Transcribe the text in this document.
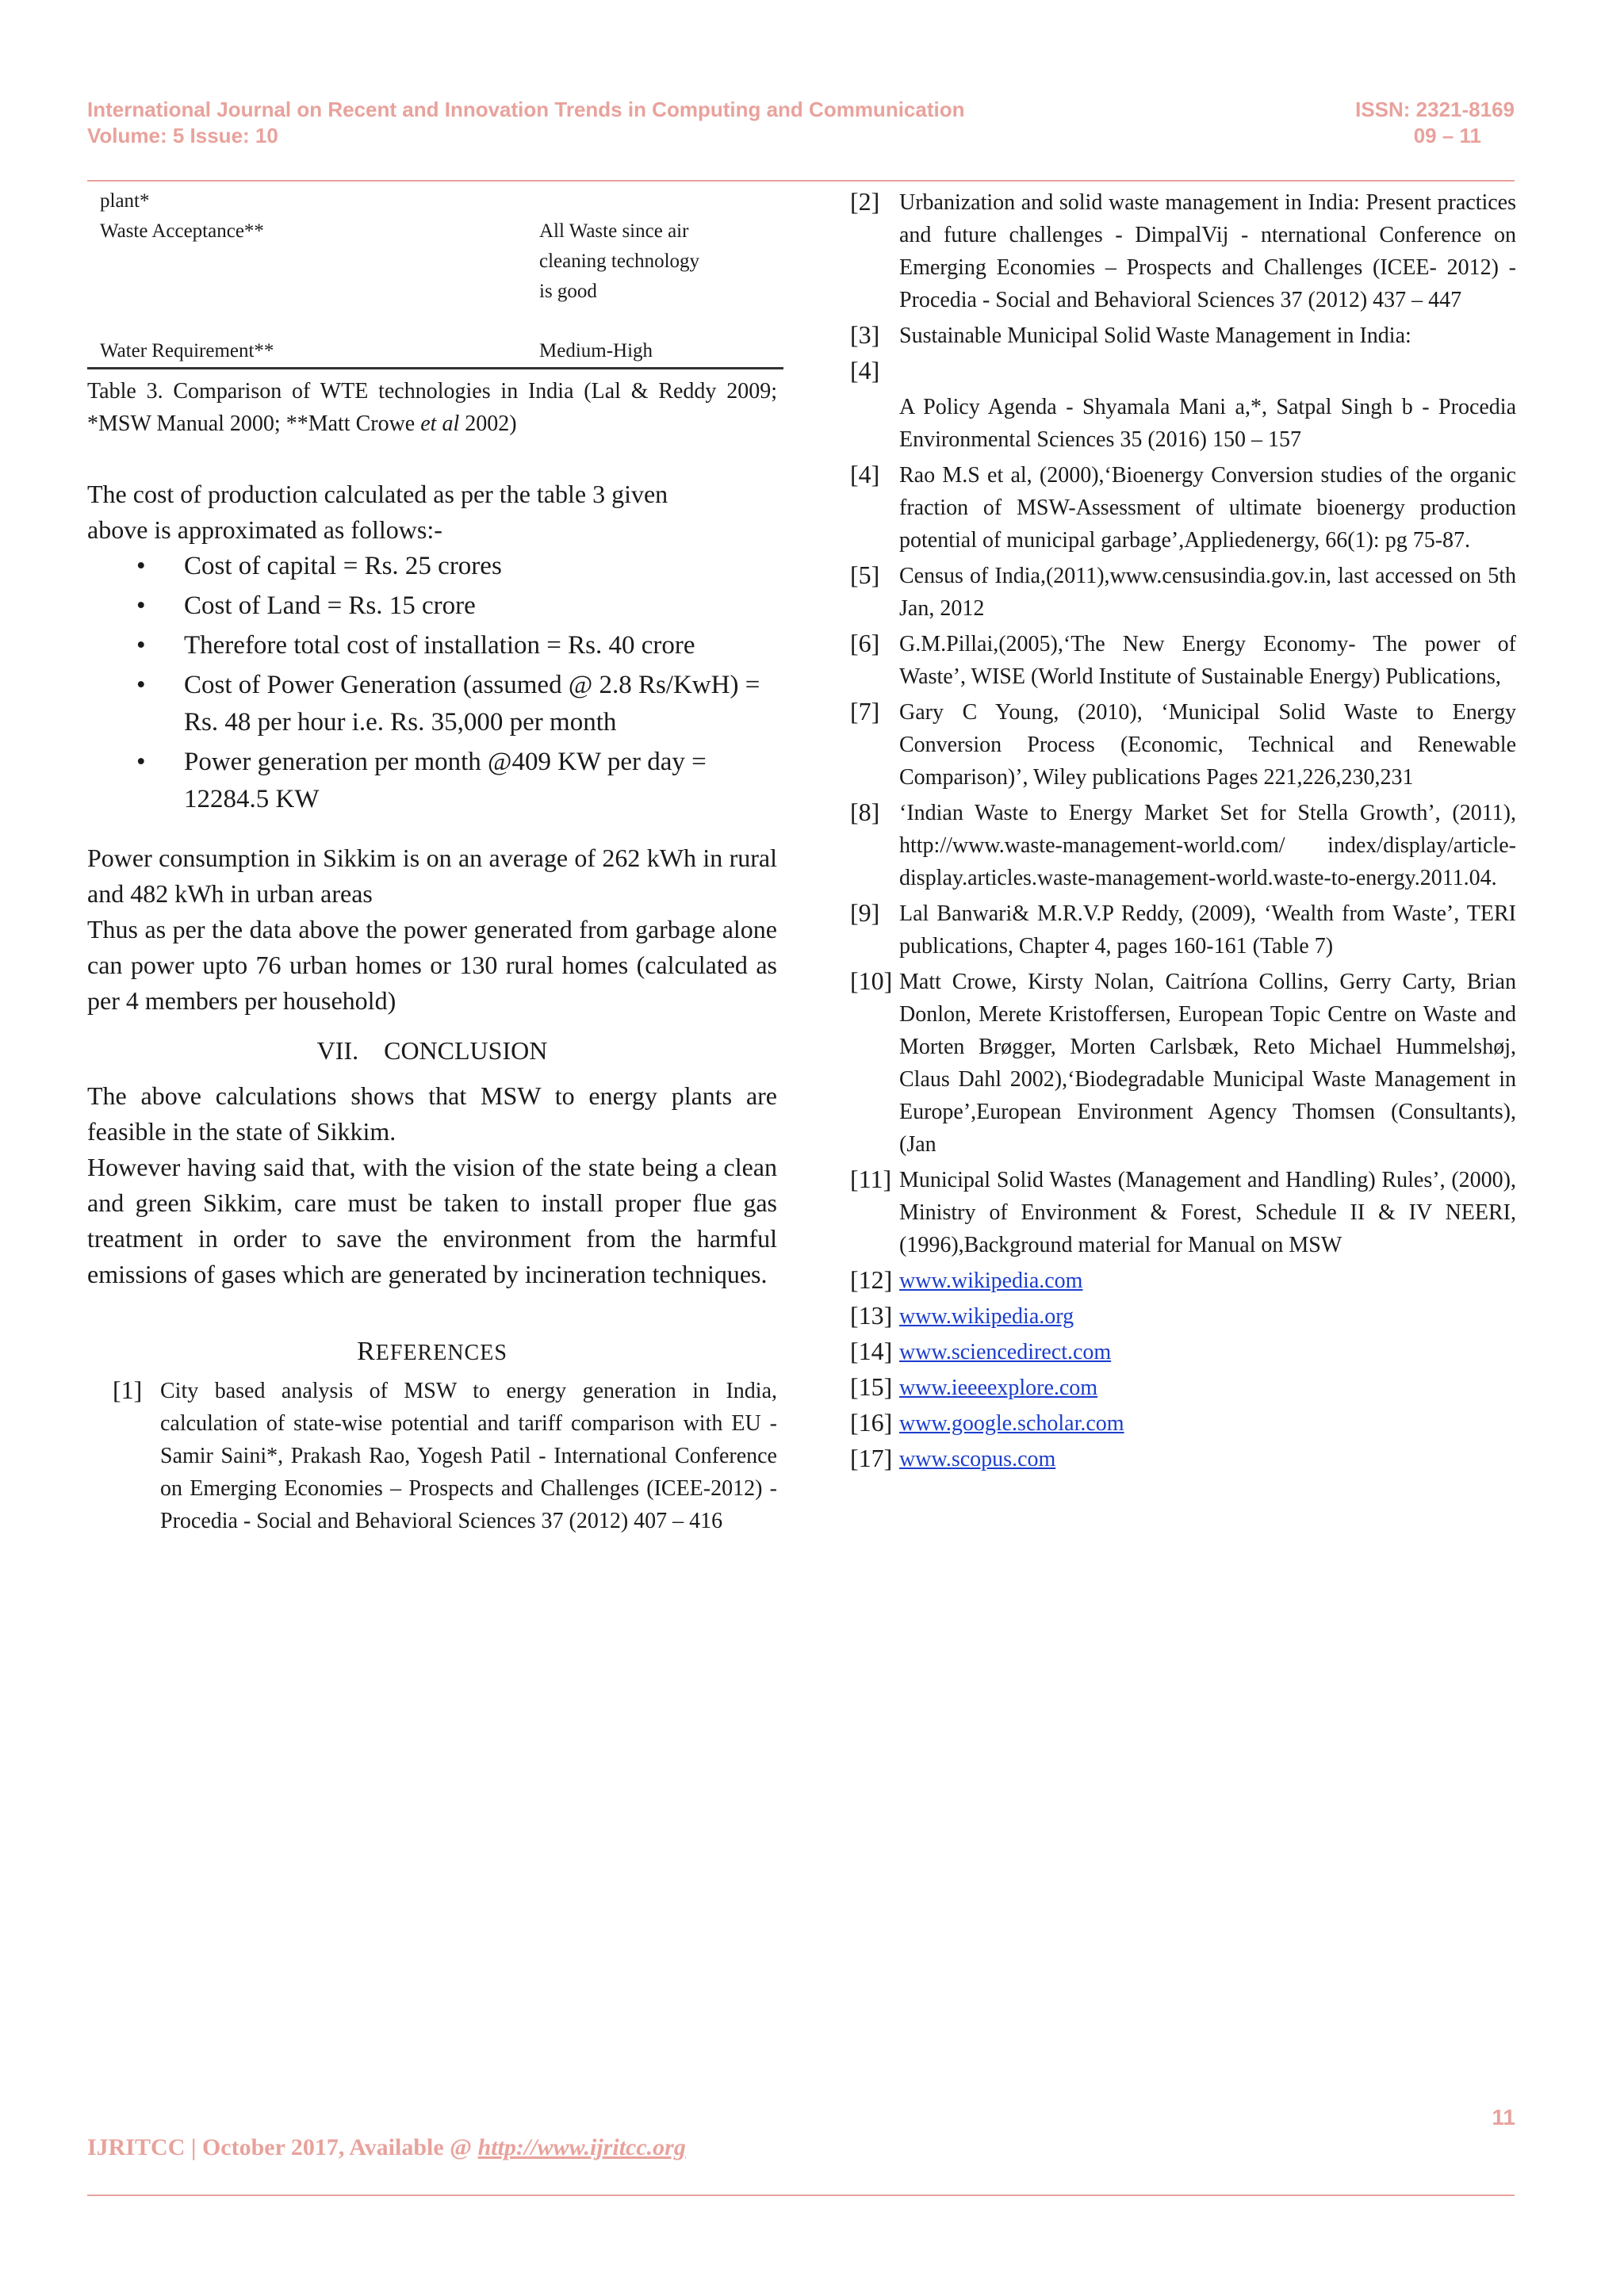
International Journal on Recent and Innovation Trends in Computing and Communication	ISSN: 2321-8169
Volume: 5 Issue: 10	09 – 11
plant*
Waste Acceptance**	All Waste since air
cleaning technology
is good
Water Requirement**	Medium-High
Table 3. Comparison of WTE technologies in India (Lal & Reddy 2009; *MSW Manual 2000; **Matt Crowe et al 2002)

The cost of production calculated as per the table 3 given above is approximated as follows:-

• Cost of capital = Rs. 25 crores
• Cost of Land = Rs. 15 crore
• Therefore total cost of installation = Rs. 40 crore
• Cost of Power Generation (assumed @ 2.8 Rs/KwH) = Rs. 48 per hour i.e. Rs. 35,000 per month
• Power generation per month @409 KW per day = 12284.5 KW

Power consumption in Sikkim is on an average of 262 kWh in rural and 482 kWh in urban areas

Thus as per the data above the power generated from garbage alone can power upto 76 urban homes or 130 rural homes (calculated as per 4 members per household)

VII.    CONCLUSION

The above calculations shows that MSW to energy plants are feasible in the state of Sikkim.

However having said that, with the vision of the state being a clean and green Sikkim, care must be taken to install proper flue gas treatment in order to save the environment from the harmful emissions of gases which are generated by incineration techniques.

REFERENCES
[1] City based analysis of MSW to energy generation in India, calculation of state-wise potential and tariff comparison with EU - Samir Saini*, Prakash Rao, Yogesh Patil - International Conference on Emerging Economies – Prospects and Challenges (ICEE-2012) - Procedia - Social and Behavioral Sciences 37 (2012) 407 – 416
[2] Urbanization and solid waste management in India: Present practices and future challenges - DimpalVij - nternational Conference on Emerging Economies – Prospects and Challenges (ICEE- 2012) - Procedia - Social and Behavioral Sciences 37 (2012) 437 – 447
[3] Sustainable Municipal Solid Waste Management in India:
[4]
A Policy Agenda - Shyamala Mani a,*, Satpal Singh b - Procedia Environmental Sciences 35 (2016) 150 – 157
[4] Rao M.S et al, (2000),‘Bioenergy Conversion studies of the organic fraction of MSW-Assessment of ultimate bioenergy production potential of municipal garbage’,Appliedenergy, 66(1): pg 75-87.
[5] Census of India,(2011),www.censusindia.gov.in, last accessed on 5th Jan, 2012
[6] G.M.Pillai,(2005),‘The New Energy Economy- The power of Waste’, WISE (World Institute of Sustainable Energy) Publications,
[7] Gary C Young, (2010), ‘Municipal Solid Waste to Energy Conversion Process (Economic, Technical and Renewable Comparison)’, Wiley publications Pages 221,226,230,231
[8] ‘Indian Waste to Energy Market Set for Stella Growth’, (2011), http://www.waste-management-world.com/ index/display/article- display.articles.waste-management-world.waste-to-energy.2011.04.
[9] Lal Banwari& M.R.V.P Reddy, (2009), ‘Wealth from Waste’, TERI publications, Chapter 4, pages 160-161 (Table 7)
[10] Matt Crowe, Kirsty Nolan, Caitríona Collins, Gerry Carty, Brian Donlon, Merete Kristoffersen, European Topic Centre on Waste and Morten Brøgger, Morten Carlsbæk, Reto Michael Hummelshøj, Claus Dahl 2002),‘Biodegradable Municipal Waste Management in Europe’,European Environment Agency Thomsen (Consultants), (Jan
[11] Municipal Solid Wastes (Management and Handling) Rules’, (2000), Ministry of Environment & Forest, Schedule II & IV NEERI, (1996),Background material for Manual on MSW
[12] www.wikipedia.com
[13] www.wikipedia.org
[14] www.sciencedirect.com
[15] www.ieeeexplore.com
[16] www.google.scholar.com
[17] www.scopus.com
11
IJRITCC | October 2017, Available @ http://www.ijritcc.org
